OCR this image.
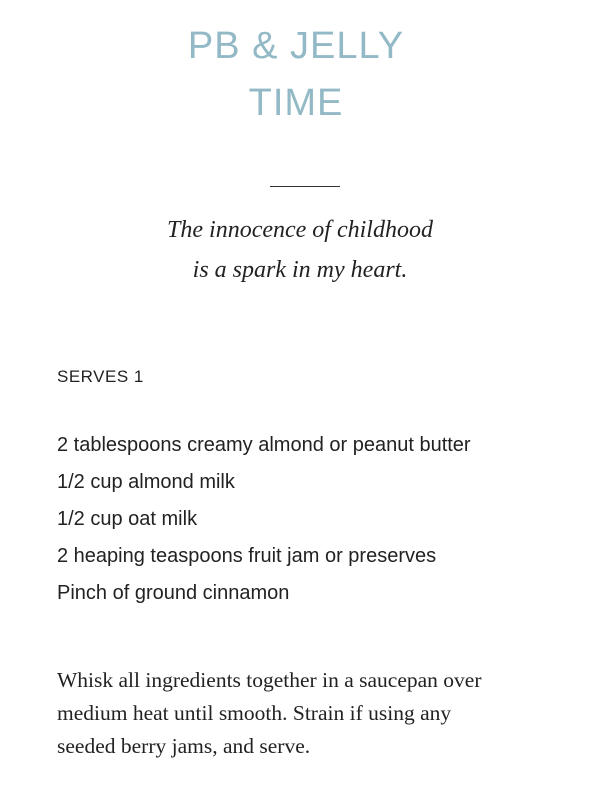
PB & JELLY
TIME

The innocence of childhood
is a spark in my heart.

SERVES 1

2 tablespoons creamy almond or peanut butter
1/2 cup almond milk
1/2 cup oat milk
2 heaping teaspoons fruit jam or preserves
Pinch of ground cinnamon

Whisk all ingredients together in a saucepan over
medium heat until smooth. Strain if using any
seeded berry jams, and serve.
